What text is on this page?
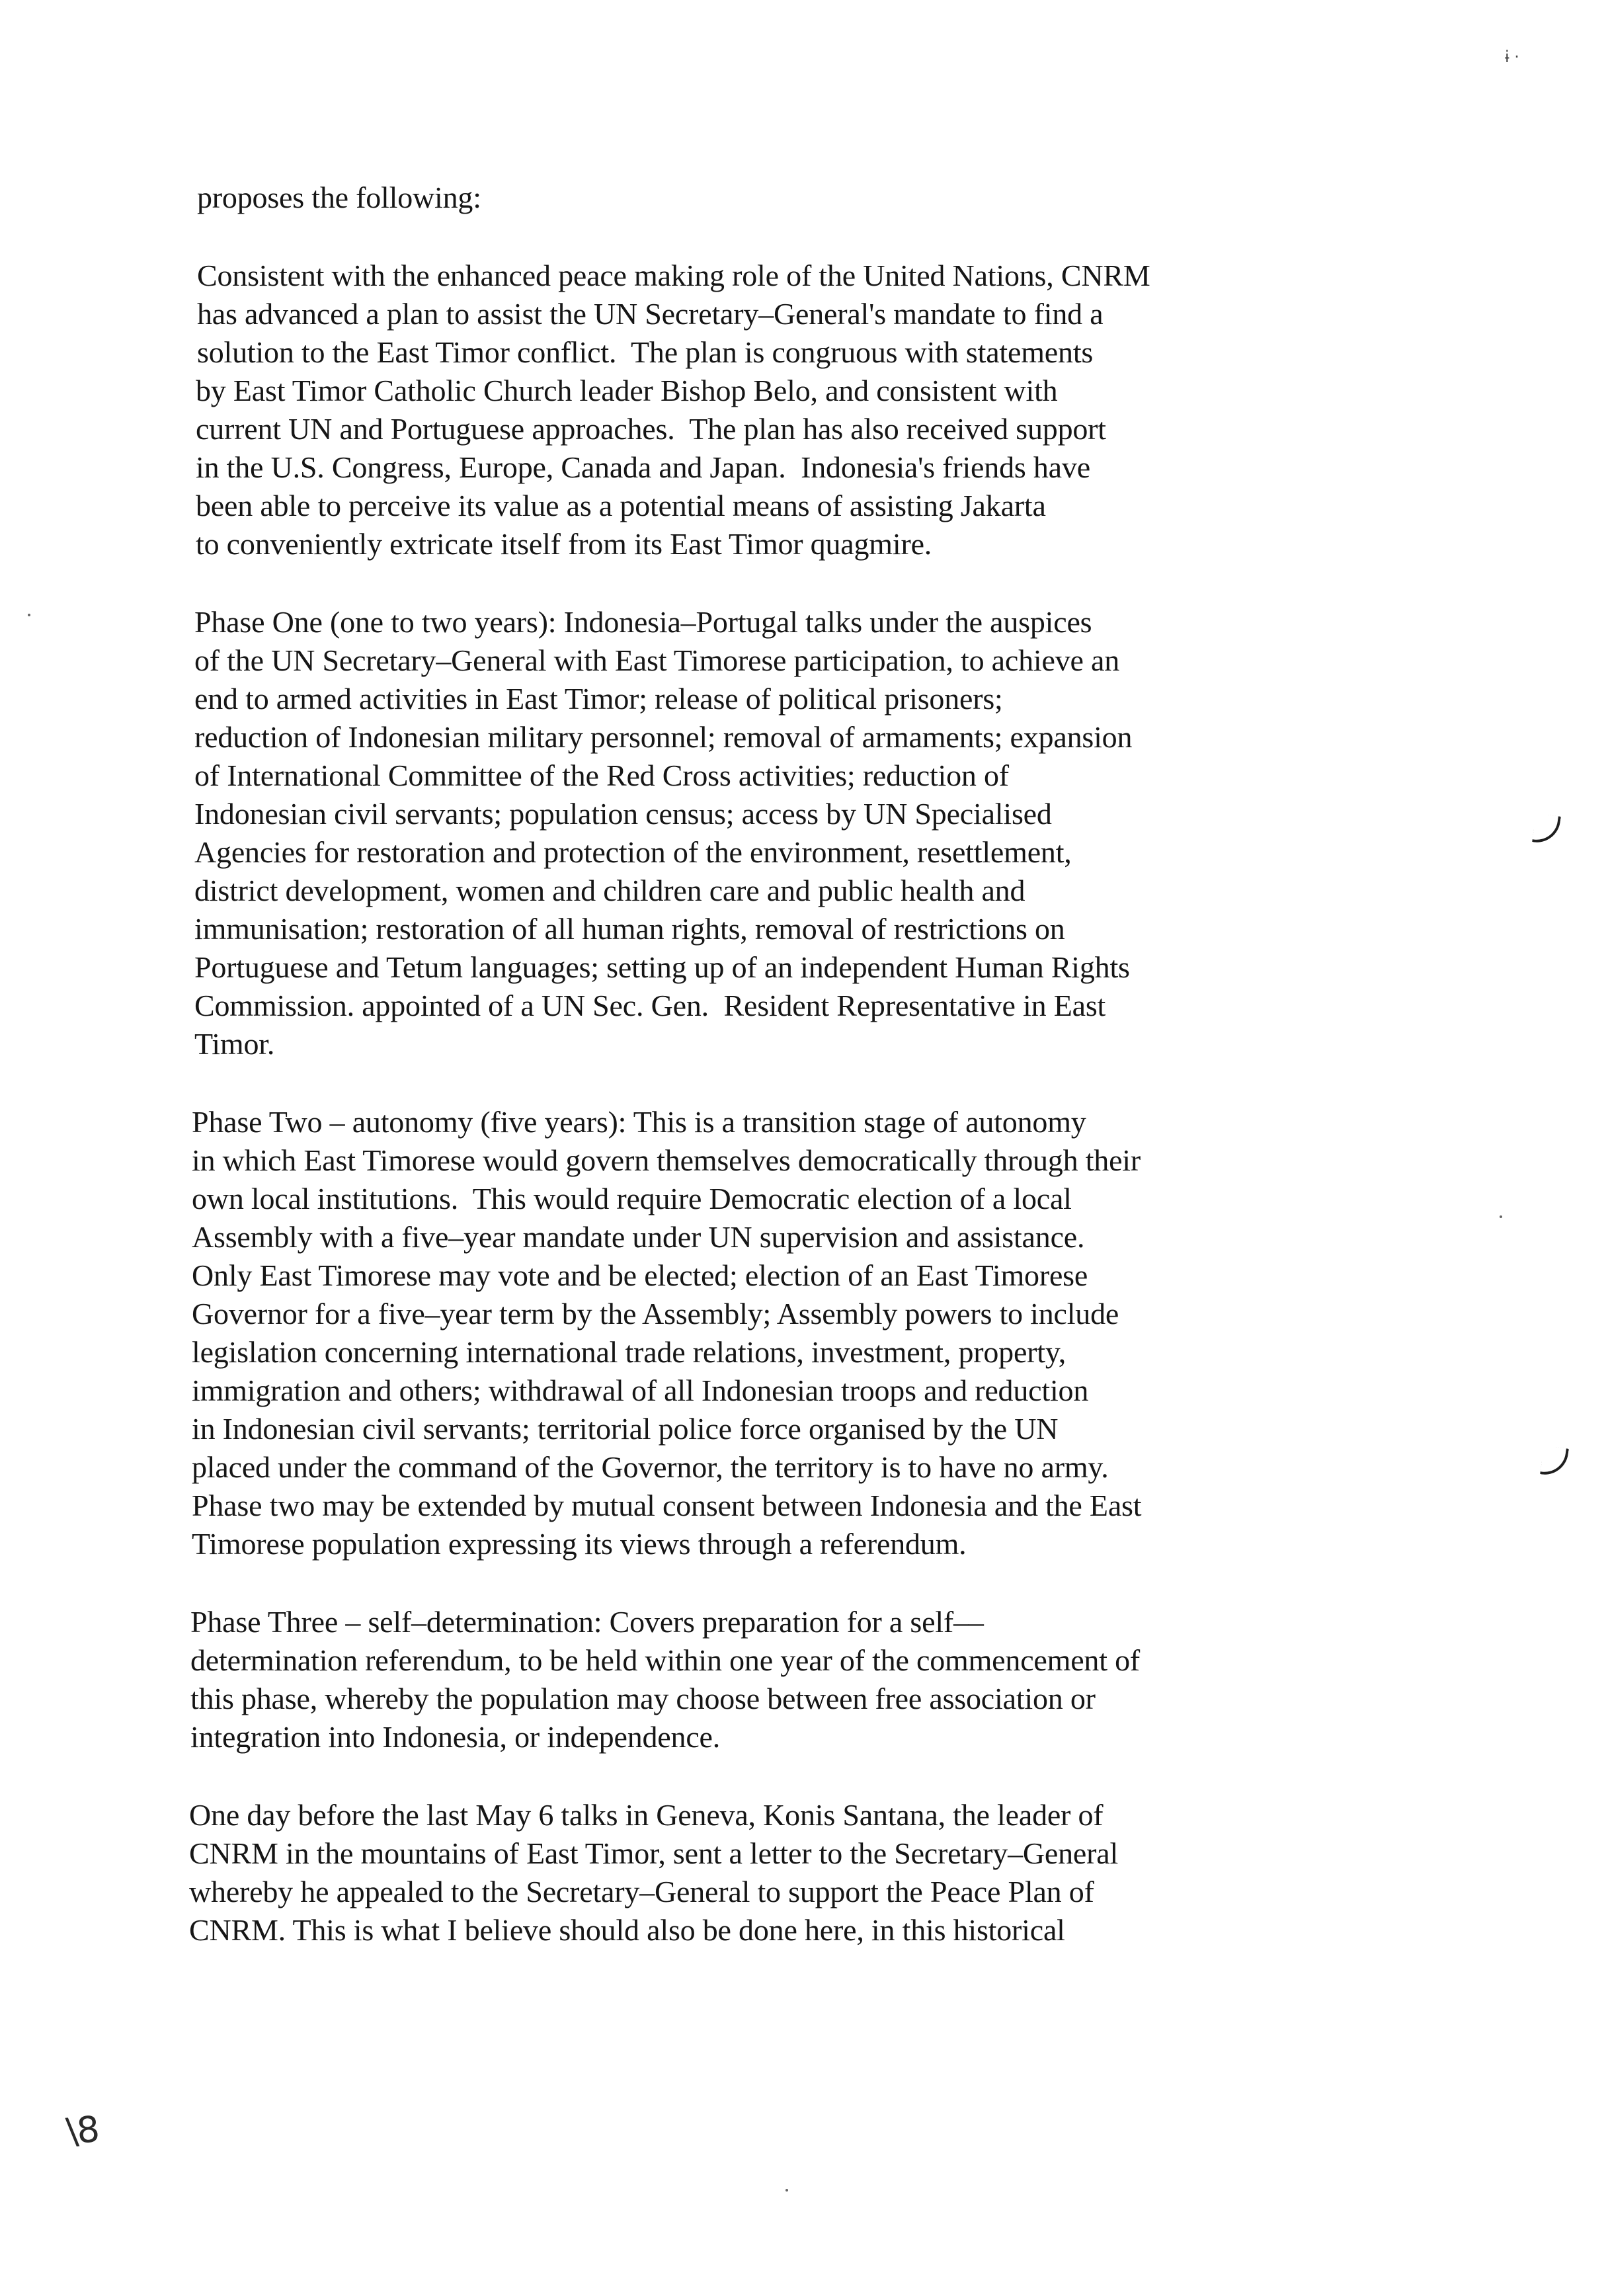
proposes the following:
Consistent with the enhanced peace making role of the United Nations, CNRM
has advanced a plan to assist the UN Secretary–General's mandate to find a
solution to the East Timor conflict.  The plan is congruous with statements
by East Timor Catholic Church leader Bishop Belo, and consistent with
current UN and Portuguese approaches.  The plan has also received support
in the U.S. Congress, Europe, Canada and Japan.  Indonesia's friends have
been able to perceive its value as a potential means of assisting Jakarta
to conveniently extricate itself from its East Timor quagmire.
Phase One (one to two years): Indonesia–Portugal talks under the auspices
of the UN Secretary–General with East Timorese participation, to achieve an
end to armed activities in East Timor; release of political prisoners;
reduction of Indonesian military personnel; removal of armaments; expansion
of International Committee of the Red Cross activities; reduction of
Indonesian civil servants; population census; access by UN Specialised
Agencies for restoration and protection of the environment, resettlement,
district development, women and children care and public health and
immunisation; restoration of all human rights, removal of restrictions on
Portuguese and Tetum languages; setting up of an independent Human Rights
Commission. appointed of a UN Sec. Gen.  Resident Representative in East
Timor.
Phase Two – autonomy (five years): This is a transition stage of autonomy
in which East Timorese would govern themselves democratically through their
own local institutions.  This would require Democratic election of a local
Assembly with a five–year mandate under UN supervision and assistance.
Only East Timorese may vote and be elected; election of an East Timorese
Governor for a five–year term by the Assembly; Assembly powers to include
legislation concerning international trade relations, investment, property,
immigration and others; withdrawal of all Indonesian troops and reduction
in Indonesian civil servants; territorial police force organised by the UN
placed under the command of the Governor, the territory is to have no army.
Phase two may be extended by mutual consent between Indonesia and the East
Timorese population expressing its views through a referendum.
Phase Three – self–determination: Covers preparation for a self––
determination referendum, to be held within one year of the commencement of
this phase, whereby the population may choose between free association or
integration into Indonesia, or independence.
One day before the last May 6 talks in Geneva, Konis Santana, the leader of
CNRM in the mountains of East Timor, sent a letter to the Secretary–General
whereby he appealed to the Secretary–General to support the Peace Plan of
CNRM. This is what I believe should also be done here, in this historical
ɨ ·
\8
